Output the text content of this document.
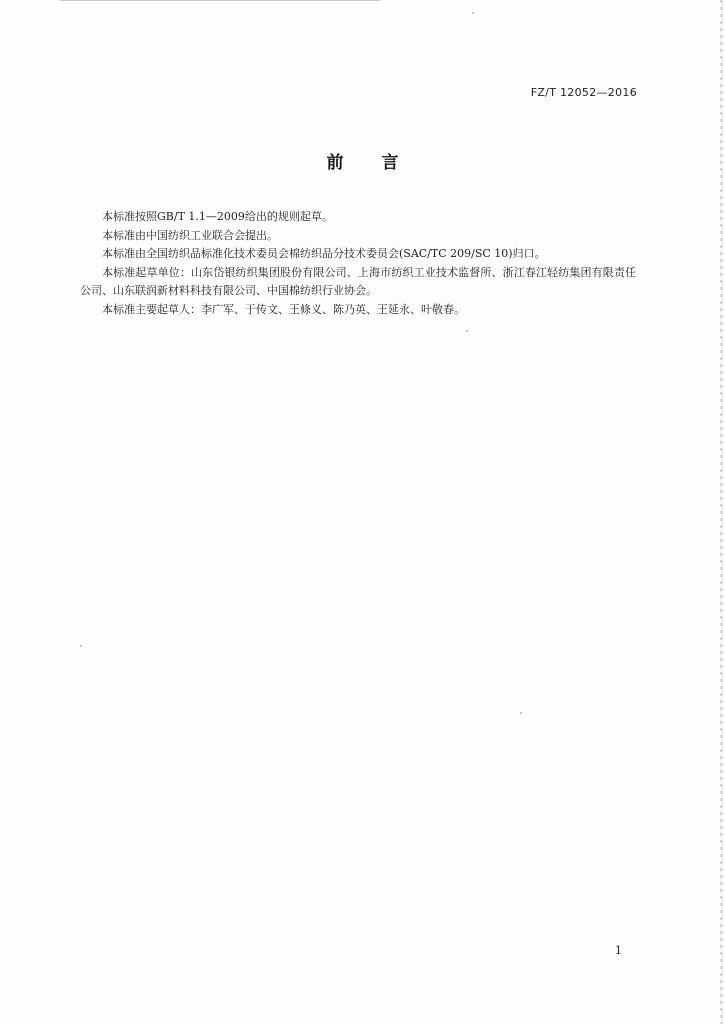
FZ/T 12052—2016
前言

本标准按照GB/T 1.1—2009给出的规则起草。

本标准由中国纺织工业联合会提出。

本标准由全国纺织品标准化技术委员会棉纺织品分技术委员会(SAC/TC 209/SC 10)归口。

本标准起草单位：山东岱银纺织集团股份有限公司、上海市纺织工业技术监督所、浙江春江轻纺集团有限责任公司、山东联润新材料科技有限公司、中国棉纺织行业协会。

本标准主要起草人：李广军、于传文、王條义、陈乃英、王延永、叶敬春。

1
